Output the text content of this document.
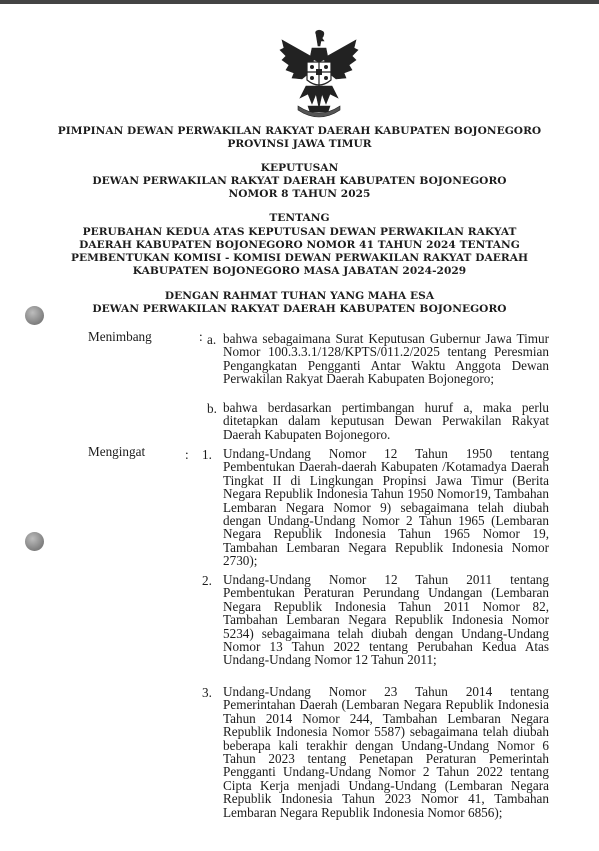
PIMPINAN DEWAN PERWAKILAN RAKYAT DAERAH KABUPATEN BOJONEGORO
PROVINSI JAWA TIMUR
KEPUTUSAN
DEWAN PERWAKILAN RAKYAT DAERAH KABUPATEN BOJONEGORO
NOMOR 8 TAHUN 2025
TENTANG
PERUBAHAN KEDUA ATAS KEPUTUSAN DEWAN PERWAKILAN RAKYAT
DAERAH KABUPATEN BOJONEGORO NOMOR 41 TAHUN 2024 TENTANG
PEMBENTUKAN KOMISI - KOMISI DEWAN PERWAKILAN RAKYAT DAERAH
KABUPATEN BOJONEGORO MASA JABATAN 2024-2029
DENGAN RAHMAT TUHAN YANG MAHA ESA
DEWAN PERWAKILAN RAKYAT DAERAH KABUPATEN BOJONEGORO
Menimbang	: a. bahwa sebagaimana Surat Keputusan Gubernur Jawa Timur Nomor 100.3.3.1/128/KPTS/011.2/2025 tentang Peresmian Pengangkatan Pengganti Antar Waktu Anggota Dewan Perwakilan Rakyat Daerah Kabupaten Bojonegoro;
b. bahwa berdasarkan pertimbangan huruf a, maka perlu ditetapkan dalam keputusan Dewan Perwakilan Rakyat Daerah Kabupaten Bojonegoro.
Mengingat	: 1. Undang-Undang Nomor 12 Tahun 1950 tentang Pembentukan Daerah-daerah Kabupaten /Kotamadya Daerah Tingkat II di Lingkungan Propinsi Jawa Timur (Berita Negara Republik Indonesia Tahun 1950 Nomor19, Tambahan Lembaran Negara Nomor 9) sebagaimana telah diubah dengan Undang-Undang Nomor 2 Tahun 1965 (Lembaran Negara Republik Indonesia Tahun 1965 Nomor 19, Tambahan Lembaran Negara Republik Indonesia Nomor 2730);
2. Undang-Undang Nomor 12 Tahun 2011 tentang Pembentukan Peraturan Perundang Undangan (Lembaran Negara Republik Indonesia Tahun 2011 Nomor 82, Tambahan Lembaran Negara Republik Indonesia Nomor 5234) sebagaimana telah diubah dengan Undang-Undang Nomor 13 Tahun 2022 tentang Perubahan Kedua Atas Undang-Undang Nomor 12 Tahun 2011;
3. Undang-Undang Nomor 23 Tahun 2014 tentang Pemerintahan Daerah (Lembaran Negara Republik Indonesia Tahun 2014 Nomor 244, Tambahan Lembaran Negara Republik Indonesia Nomor 5587) sebagaimana telah diubah beberapa kali terakhir dengan Undang-Undang Nomor 6 Tahun 2023 tentang Penetapan Peraturan Pemerintah Pengganti Undang-Undang Nomor 2 Tahun 2022 tentang Cipta Kerja menjadi Undang-Undang (Lembaran Negara Republik Indonesia Tahun 2023 Nomor 41, Tambahan Lembaran Negara Republik Indonesia Nomor 6856);
